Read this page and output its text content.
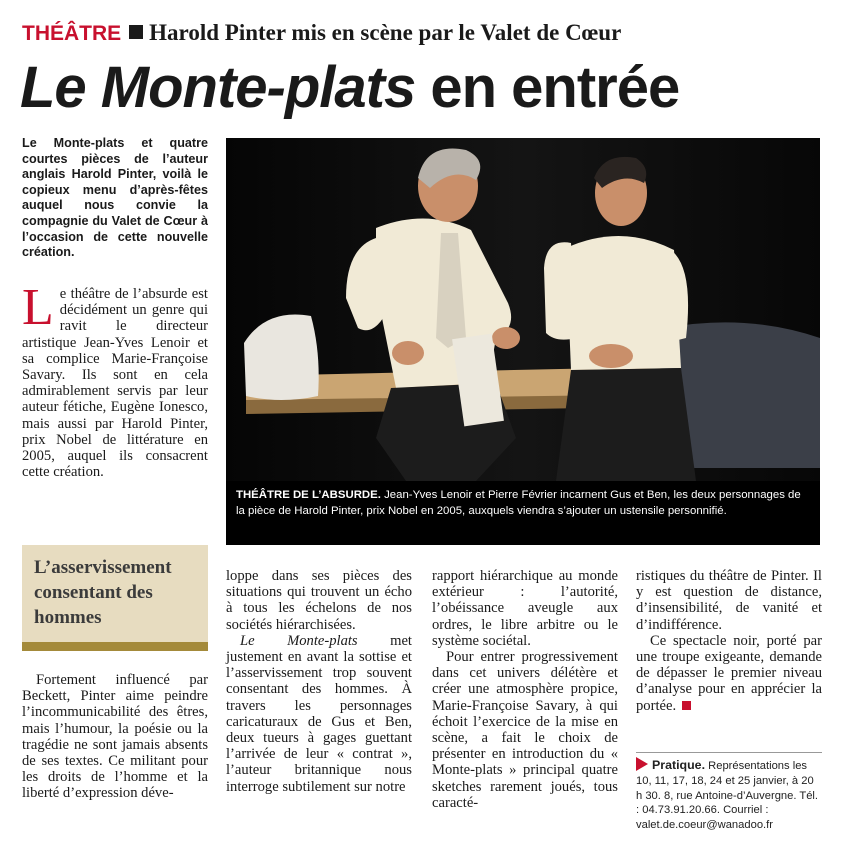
THÉÂTRE Harold Pinter mis en scène par le Valet de Cœur
Le Monte-plats en entrée

Le Monte-plats et quatre courtes pièces de l’auteur anglais Harold Pinter, voilà le copieux menu d’après-fêtes auquel nous convie la compagnie du Valet de Cœur à l’occasion de cette nouvelle création.

Le théâtre de l’absurde est décidément un genre qui ravit le directeur artistique Jean-Yves Lenoir et sa complice Marie-Françoise Savary. Ils sont en cela admirablement servis par leur auteur fétiche, Eugène Ionesco, mais aussi par Harold Pinter, prix Nobel de littérature en 2005, auquel ils consacrent cette création.
THÉÂTRE DE L’ABSURDE. Jean-Yves Lenoir et Pierre Février incarnent Gus et Ben, les deux personnages de la pièce de Harold Pinter, prix Nobel en 2005, auxquels viendra s’ajouter un ustensile personnifié.
L’asservissement consentant des hommes

Fortement influencé par Beckett, Pinter aime peindre l’incommunicabilité des êtres, mais l’humour, la poésie ou la tragédie ne sont jamais absents de ses textes. Ce militant pour les droits de l’homme et la liberté d’expression déve-

loppe dans ses pièces des situations qui trouvent un écho à tous les échelons de nos sociétés hiérarchisées.

Le Monte-plats met justement en avant la sottise et l’asservissement trop souvent consentant des hommes. À travers les personnages caricaturaux de Gus et Ben, deux tueurs à gages guettant l’arrivée de leur « contrat », l’auteur britannique nous interroge subtilement sur notre

rapport hiérarchique au monde extérieur : l’autorité, l’obéissance aveugle aux ordres, le libre arbitre ou le système sociétal.

Pour entrer progressivement dans cet univers délétère et créer une atmosphère propice, Marie-Françoise Savary, à qui échoit l’exercice de la mise en scène, a fait le choix de présenter en introduction du « Monte-plats » principal quatre sketches rarement joués, tous caracté-

ristiques du théâtre de Pinter. Il y est question de distance, d’insensibilité, de vanité et d’indifférence.

Ce spectacle noir, porté par une troupe exigeante, demande de dépasser le premier niveau d’analyse pour en apprécier la portée.

Pratique. Représentations les 10, 11, 17, 18, 24 et 25 janvier, à 20 h 30. 8, rue Antoine-d’Auvergne. Tél. : 04.73.91.20.66. Courriel : valet.de.coeur@wanadoo.fr
